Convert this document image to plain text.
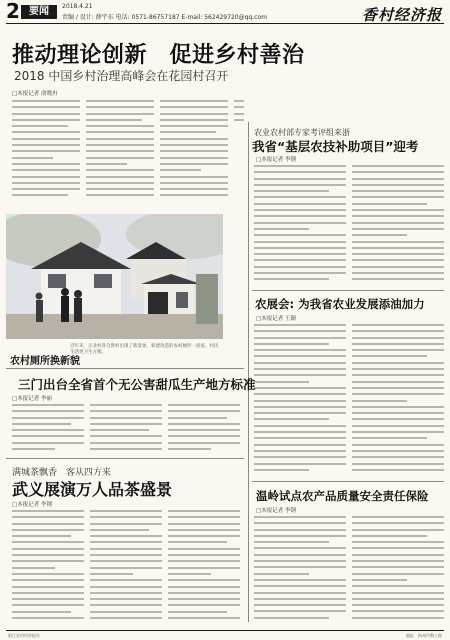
2 要闻	2018.4.21
责编 / 设计: 薛宇东 电话: 0571-86757187 E-mail: 562429720@qq.com	香村经济报
推动理论创新　促进乡村善治
2018 中国乡村治理高峰会在花园村召开
□本报记者 俞晓冉
农村厕所换新貌
近年来，正北村各自然村出现了新景象，新建改造的农村厕所一座座，村民生活更卫生方便。
农业农村部专家考评组来浙
我省“基层农技补助项目”迎考
□本报记者 李钢
农展会: 为我省农业发展添油加力
□本报记者 王颖
温岭试点农产品质量安全责任保险
□本报记者 李钢
三门出台全省首个无公害甜瓜生产地方标准
□本报记者 李丽
满城茶飘香　客从四方来
武义展演万人品茶盛景
□本报记者 李钢
浙江农村经济报社	地址：杭州市教工路
